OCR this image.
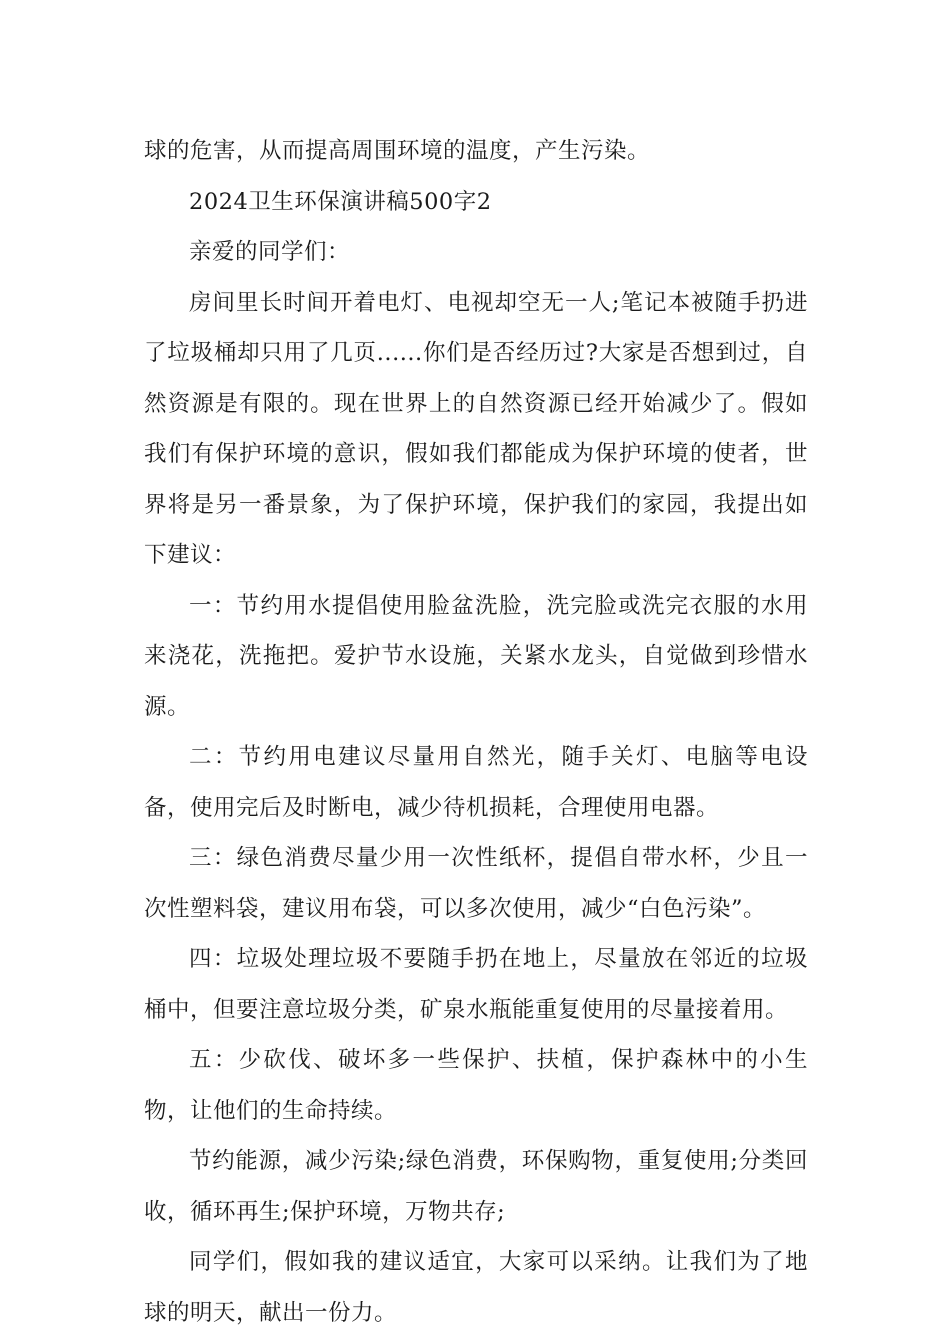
球的危害，从而提高周围环境的温度，产生污染。

2024卫生环保演讲稿500字2

亲爱的同学们：

房间里长时间开着电灯、电视却空无一人;笔记本被随手扔进了垃圾桶却只用了几页......你们是否经历过?大家是否想到过，自然资源是有限的。现在世界上的自然资源已经开始减少了。假如我们有保护环境的意识，假如我们都能成为保护环境的使者，世界将是另一番景象，为了保护环境，保护我们的家园，我提出如下建议：

一：节约用水提倡使用脸盆洗脸，洗完脸或洗完衣服的水用来浇花，洗拖把。爱护节水设施，关紧水龙头，自觉做到珍惜水源。

二：节约用电建议尽量用自然光，随手关灯、电脑等电设备，使用完后及时断电，减少待机损耗，合理使用电器。

三：绿色消费尽量少用一次性纸杯，提倡自带水杯，少且一次性塑料袋，建议用布袋，可以多次使用，减少“白色污染”。

四：垃圾处理垃圾不要随手扔在地上，尽量放在邻近的垃圾桶中，但要注意垃圾分类，矿泉水瓶能重复使用的尽量接着用。

五：少砍伐、破坏多一些保护、扶植，保护森林中的小生物，让他们的生命持续。

节约能源，减少污染;绿色消费，环保购物，重复使用;分类回收，循环再生;保护环境，万物共存;

同学们，假如我的建议适宜，大家可以采纳。让我们为了地球的明天，献出一份力。
